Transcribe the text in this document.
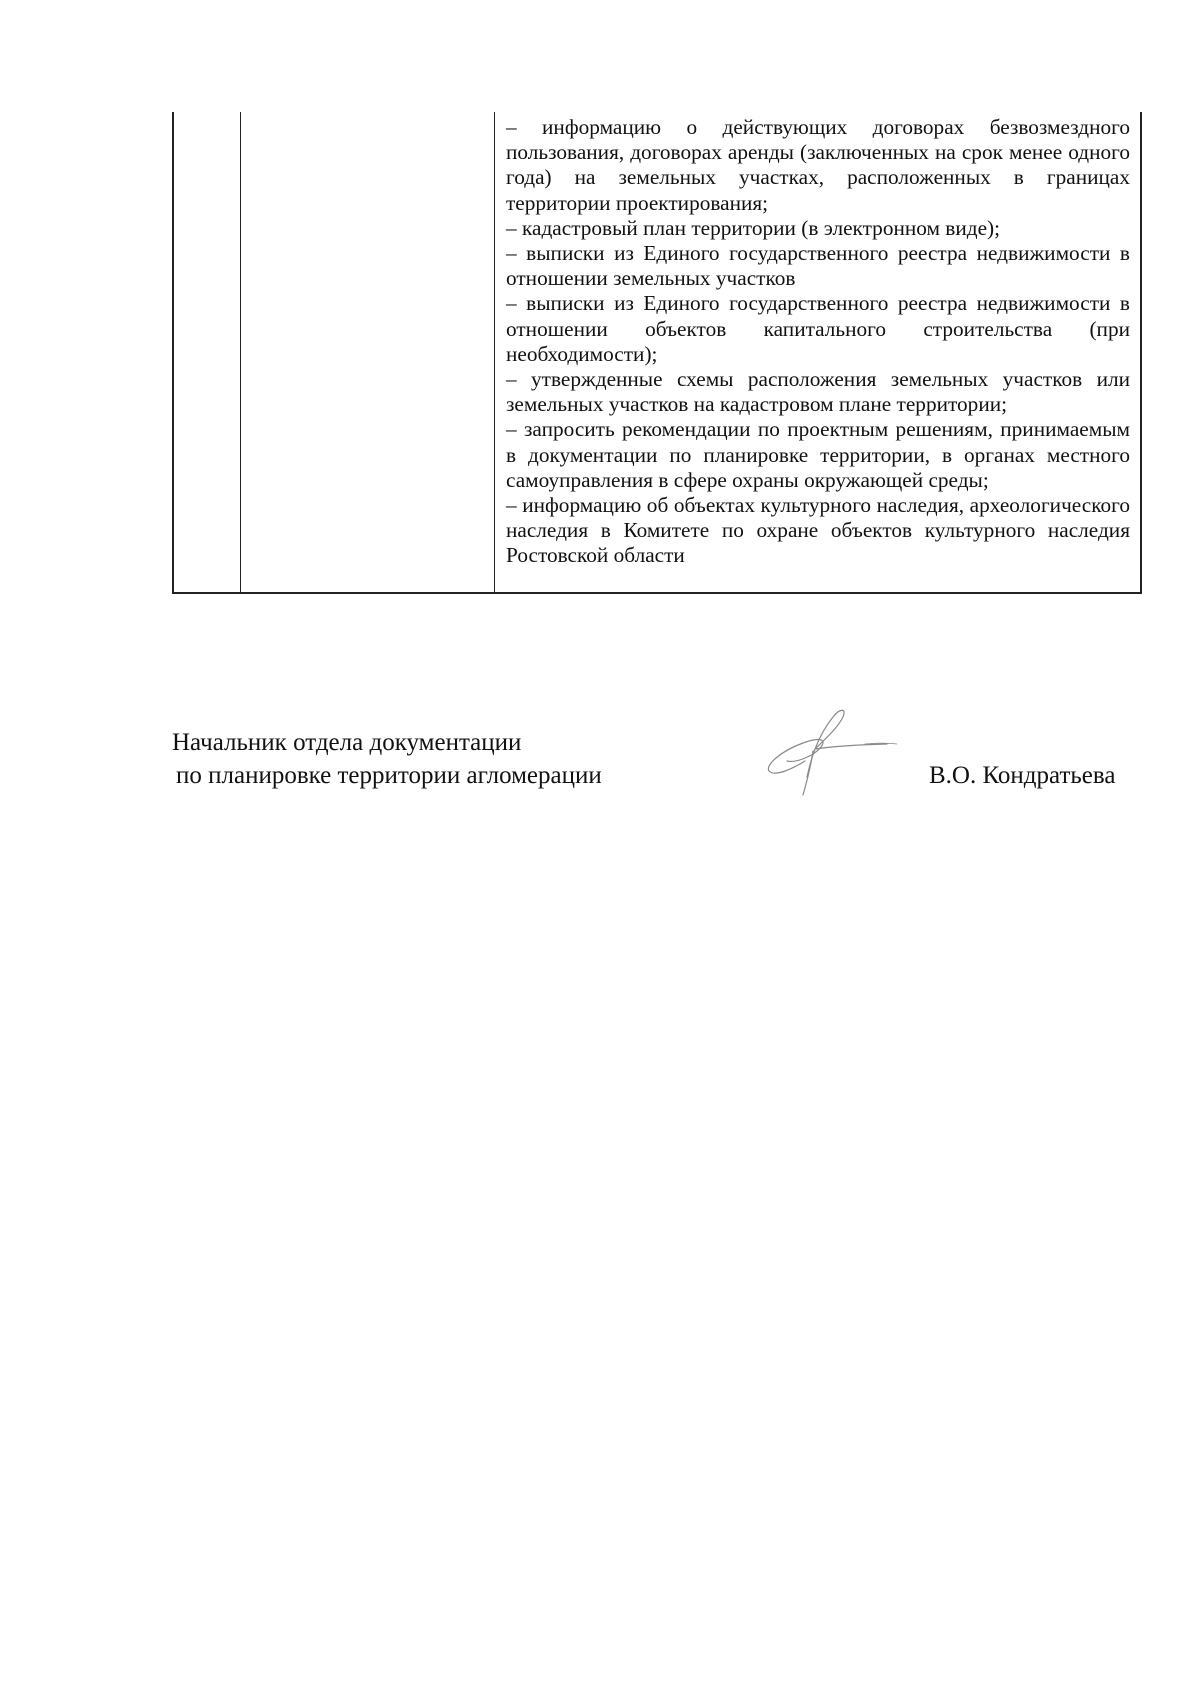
– информацию о действующих договорах безвозмездного пользования, договорах аренды (заключенных на срок менее одного года) на земельных участках, расположенных в границах территории проектирования;

– кадастровый план территории (в электронном виде);

– выписки из Единого государственного реестра недвижимости в отношении земельных участков

– выписки из Единого государственного реестра недвижимости в отношении объектов капитального строительства (при необходимости);

– утвержденные схемы расположения земельных участков или земельных участков на кадастровом плане территории;

– запросить рекомендации по проектным решениям, принимаемым в документации по планировке территории, в органах местного самоуправления в сфере охраны окружающей среды;

– информацию об объектах культурного наследия, археологического наследия в Комитете по охране объектов культурного наследия Ростовской области

Начальник отдела документации
по планировке территории агломерации	В.О. Кондратьева
